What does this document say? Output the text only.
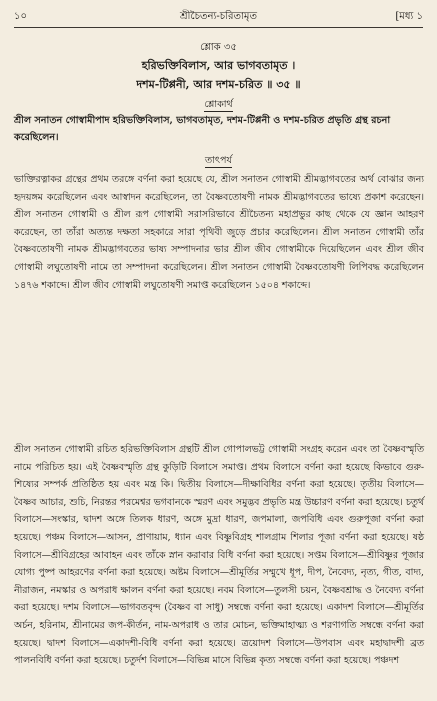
১০	শ্রীচৈতন্য-চরিতামৃত	[মধ্য ১
শ্লোক ৩৫
হরিভক্তিবিলাস, আর ভাগবতামৃত ।
দশম-টিপ্পনী, আর দশম-চরিত ॥ ৩৫ ॥
শ্লোকার্থ
শ্রীল সনাতন গোস্বামীপাদ হরিভক্তিবিলাস, ভাগবতামৃত, দশম-টিপ্পনী ও দশম-চরিত প্রভৃতি গ্রন্থ রচনা করেছিলেন।
তাৎপর্য
ভাক্তিরত্নাকর গ্রন্থের প্রথম তরঙ্গে বর্ণনা করা হয়েছে যে, শ্রীল সনাতন গোস্বামী শ্রীমদ্ভাগবতের অর্থ বোঝার জন্য হৃদয়ঙ্গম করেছিলেন এবং আস্বাদন করেছিলেন, তা বৈষ্ণবতোষণী নামক শ্রীমদ্ভাগবতের ভাষ্যে প্রকাশ করেছেন। শ্রীল সনাতন গোস্বামী ও শ্রীল রূপ গোস্বামী সরাসরিভাবে শ্রীচৈতন্য মহাপ্রভুর কাছ থেকে যে জ্ঞান আহরণ করেছেন, তা তাঁরা অত্যন্ত দক্ষতা সহকারে সারা পৃথিবী জুড়ে প্রচার করেছিলেন। শ্রীল সনাতন গোস্বামী তাঁর বৈষ্ণবতোষণী নামক শ্রীমদ্ভাগবতের ভাষ্য সম্পাদনার ভার শ্রীল জীব গোস্বামীকে দিয়েছিলেন এবং শ্রীল জীব গোস্বামী লঘুতোষণী নামে তা সম্পাদনা করেছিলেন। শ্রীল সনাতন গোস্বামী বৈষ্ণবতোষণী লিপিবদ্ধ করেছিলেন ১৪৭৬ শকাব্দে। শ্রীল জীব গোস্বামী লঘুতোষণী সমাপ্ত করেছিলেন ১৫০৪ শকাব্দে।
শ্রীল সনাতন গোস্বামী রচিত হরিভক্তিবিলাস গ্রন্থটি শ্রীল গোপালভট্ট গোস্বামী সংগ্রহ করেন এবং তা বৈষ্ণবস্মৃতি নামে পরিচিত হয়। এই বৈষ্ণবস্মৃতি গ্রন্থ কুড়িটি বিলাসে সমাপ্ত। প্রথম বিলাসে বর্ণনা করা হয়েছে কিভাবে গুরু-শিষ্যের সম্পর্ক প্রতিষ্ঠিত হয় এবং মন্ত্র কি। দ্বিতীয় বিলাসে—দীক্ষাবিধির বর্ণনা করা হয়েছে। তৃতীয় বিলাসে—বৈষ্ণব আচার, শুচি, নিরন্তর পরমেশ্বর ভগবানকে স্মরণ এবং সমুদ্ভব প্রভৃতি মন্ত্র উচ্চারণ বর্ণনা করা হয়েছে। চতুর্থ বিলাসে—সংস্কার, দ্বাদশ অঙ্গে তিলক ধারণ, অঙ্গে মুদ্রা ধারণ, জপমালা, জপবিধি এবং গুরুপূজা বর্ণনা করা হয়েছে। পঞ্চম বিলাসে—আসন, প্রাণায়াম, ধ্যান এবং বিষ্ণুবিগ্রহ শালগ্রাম শিলার পূজা বর্ণনা করা হয়েছে। ষষ্ঠ বিলাসে—শ্রীবিগ্রহের আবাহন এবং তাঁকে স্নান করাবার বিধি বর্ণনা করা হয়েছে। সপ্তম বিলাসে—শ্রীবিষ্ণুর পূজার যোগ্য পুষ্প আহরণের বর্ণনা করা হয়েছে। অষ্টম বিলাসে—শ্রীমূর্তির সম্মুখে ধূপ, দীপ, নৈবেদ্য, নৃত্য, গীত, বাদ্য, নীরাজন, নমস্কার ও অপরাধ ক্ষালন বর্ণনা করা হয়েছে। নবম বিলাসে—তুলসী চয়ন, বৈষ্ণবশ্রাদ্ধ ও নৈবেদ্য বর্ণনা করা হয়েছে। দশম বিলাসে—ভাগবতবৃন্দ (বৈষ্ণব বা সাধু) সম্বন্ধে বর্ণনা করা হয়েছে। একাদশ বিলাসে—শ্রীমূর্তির অর্চন, হরিনাম, শ্রীনামের জপ-কীর্তন, নাম-অপরাধ ও তার মোচন, ভক্তিমাহাত্ম্য ও শরণাগতি সম্বন্ধে বর্ণনা করা হয়েছে। দ্বাদশ বিলাসে—একাদশী-বিধি বর্ণনা করা হয়েছে। ত্রয়োদশ বিলাসে—উপবাস এবং মহাদ্বাদশী ব্রত পালনবিধি বর্ণনা করা হয়েছে। চতুর্দশ বিলাসে—বিভিন্ন মাসে বিভিন্ন কৃত্য সম্বন্ধে বর্ণনা করা হয়েছে। পঞ্চদশ
